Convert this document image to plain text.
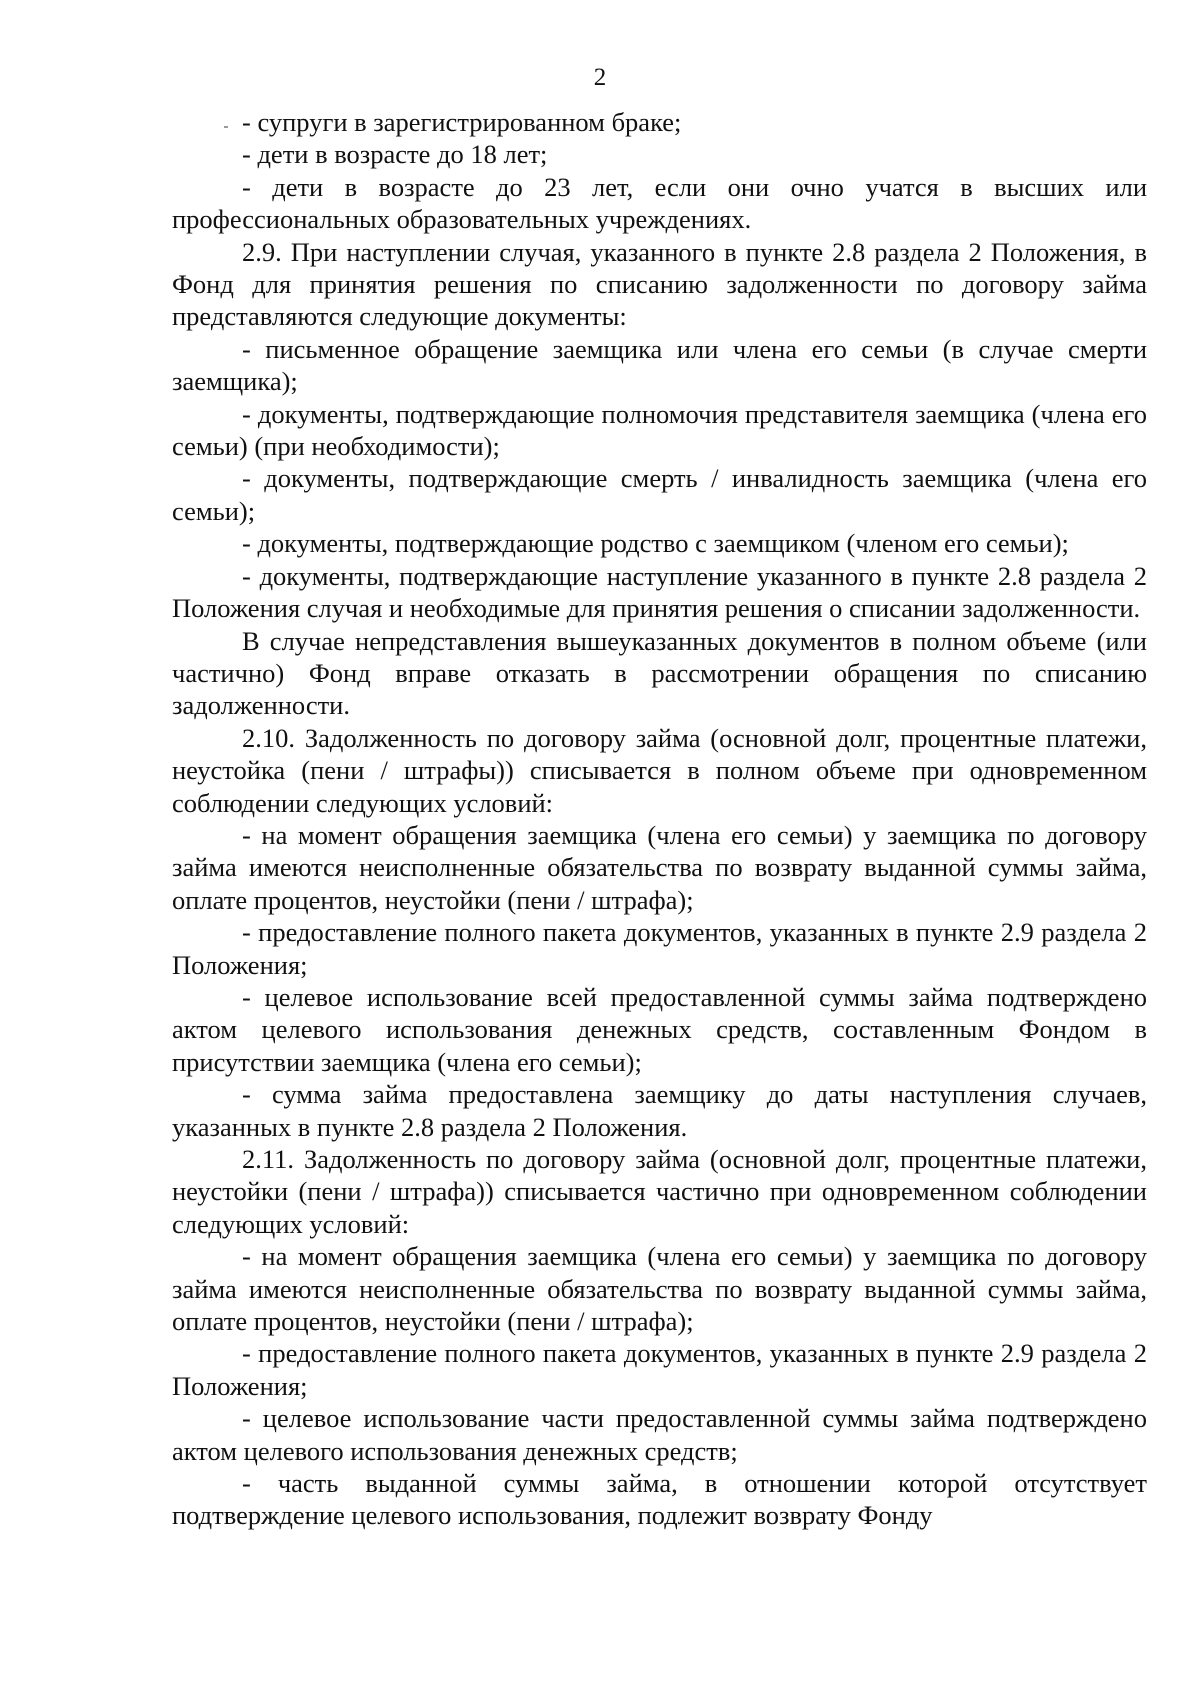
2

- супруги в зарегистрированном браке;

- дети в возрасте до 18 лет;

- дети в возрасте до 23 лет, если они очно учатся в высших или профессиональных образовательных учреждениях.

2.9. При наступлении случая, указанного в пункте 2.8 раздела 2 Положения, в Фонд для принятия решения по списанию задолженности по договору займа представляются следующие документы:

- письменное обращение заемщика или члена его семьи (в случае смерти заемщика);

- документы, подтверждающие полномочия представителя заемщика (члена его семьи) (при необходимости);

- документы, подтверждающие смерть / инвалидность заемщика (члена его семьи);

- документы, подтверждающие родство с заемщиком (членом его семьи);

- документы, подтверждающие наступление указанного в пункте 2.8 раздела 2 Положения случая и необходимые для принятия решения о списании задолженности.

В случае непредставления вышеуказанных документов в полном объеме (или частично) Фонд вправе отказать в рассмотрении обращения по списанию задолженности.

2.10. Задолженность по договору займа (основной долг, процентные платежи, неустойка (пени / штрафы)) списывается в полном объеме при одновременном соблюдении следующих условий:

- на момент обращения заемщика (члена его семьи) у заемщика по договору займа имеются неисполненные обязательства по возврату выданной суммы займа, оплате процентов, неустойки (пени / штрафа);

- предоставление полного пакета документов, указанных в пункте 2.9 раздела 2 Положения;

- целевое использование всей предоставленной суммы займа подтверждено актом целевого использования денежных средств, составленным Фондом в присутствии заемщика (члена его семьи);

- сумма займа предоставлена заемщику до даты наступления случаев, указанных в пункте 2.8 раздела 2 Положения.

2.11. Задолженность по договору займа (основной долг, процентные платежи, неустойки (пени / штрафа)) списывается частично при одновременном соблюдении следующих условий:

- на момент обращения заемщика (члена его семьи) у заемщика по договору займа имеются неисполненные обязательства по возврату выданной суммы займа, оплате процентов, неустойки (пени / штрафа);

- предоставление полного пакета документов, указанных в пункте 2.9 раздела 2 Положения;

- целевое использование части предоставленной суммы займа подтверждено актом целевого использования денежных средств;

- часть выданной суммы займа, в отношении которой отсутствует подтверждение целевого использования, подлежит возврату Фонду
